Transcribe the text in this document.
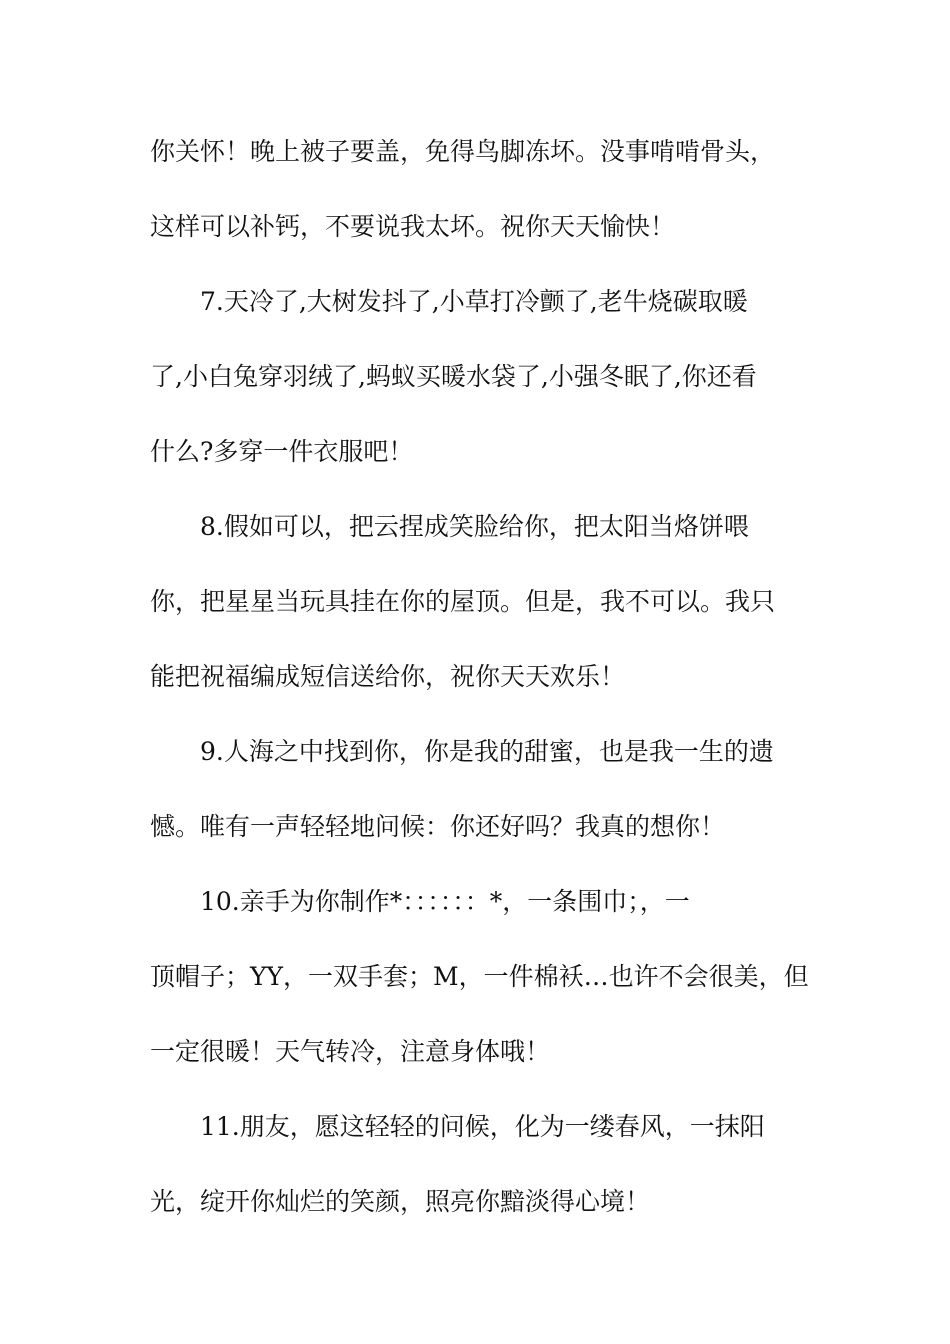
你关怀！晚上被子要盖，免得鸟脚冻坏。没事啃啃骨头，
这样可以补钙，不要说我太坏。祝你天天愉快！
7.天冷了,大树发抖了,小草打冷颤了,老牛烧碳取暖
了,小白兔穿羽绒了,蚂蚁买暖水袋了,小强冬眠了,你还看
什么?多穿一件衣服吧！
8.假如可以，把云捏成笑脸给你，把太阳当烙饼喂
你，把星星当玩具挂在你的屋顶。但是，我不可以。我只
能把祝福编成短信送给你，祝你天天欢乐！
9.人海之中找到你，你是我的甜蜜，也是我一生的遗
憾。唯有一声轻轻地问候：你还好吗？我真的想你！
10.亲手为你制作*：：：：：：*，一条围巾；，一
顶帽子；YY，一双手套；M，一件棉袄…也许不会很美，但
一定很暖！天气转冷，注意身体哦！
11.朋友，愿这轻轻的问候，化为一缕春风，一抹阳
光，绽开你灿烂的笑颜，照亮你黯淡得心境！
